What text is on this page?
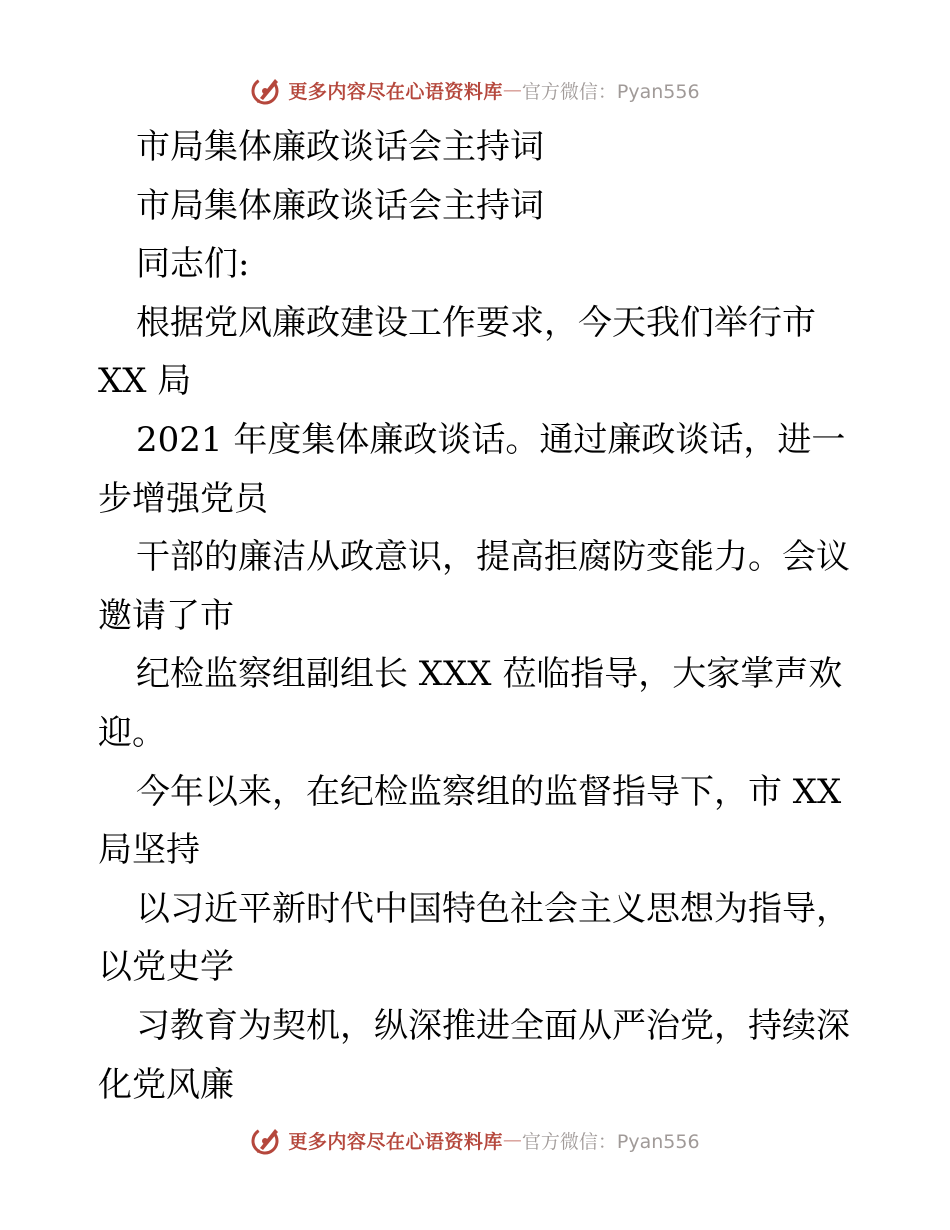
更多内容尽在心语资料库 — 官方微信：Pyan556
市局集体廉政谈话会主持词
市局集体廉政谈话会主持词
同志们:
根据党风廉政建设工作要求，今天我们举行市
XX 局
2021 年度集体廉政谈话。通过廉政谈话，进一
步增强党员
干部的廉洁从政意识，提高拒腐防变能力。会议
邀请了市
纪检监察组副组长 XXX 莅临指导，大家掌声欢
迎。
今年以来，在纪检监察组的监督指导下，市 XX
局坚持
以习近平新时代中国特色社会主义思想为指导，
以党史学
习教育为契机，纵深推进全面从严治党，持续深
化党风廉
更多内容尽在心语资料库 — 官方微信：Pyan556
